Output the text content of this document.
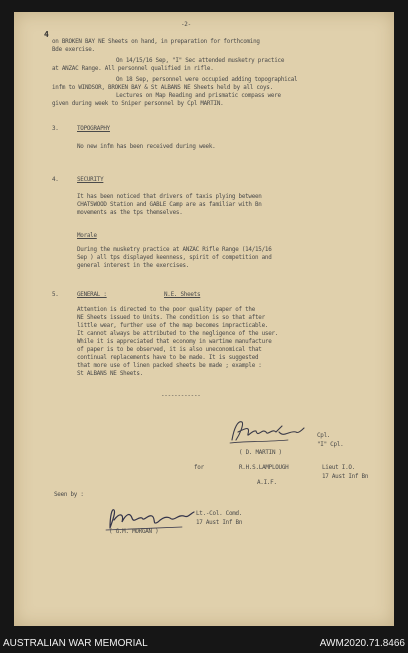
-2-
4
on BROKEN BAY NE Sheets on hand, in preparation for forthcoming
Bde exercise.
On 14/15/16 Sep, "I" Sec attended musketry practice
at ANZAC Range. All personnel qualified in rifle.
On 18 Sep, personnel were occupied adding topographical
infm to WINDSOR, BROKEN BAY & St ALBANS NE Sheets held by all coys.
Lectures on Map Reading and prismatic compass were
given during week to Sniper personnel by Cpl MARTIN.
3.	TOPOGRAPHY
No new infm has been received during week.
4.	SECURITY
It has been noticed that drivers of taxis plying between
CHATSWOOD Station and GABLE Camp are as familiar with Bn
movements as the tps themselves.
Morale
During the musketry practice at ANZAC Rifle Range (14/15/16
Sep ) all tps displayed keenness, spirit of competition and
general interest in the exercises.
5.	GENERAL :	N.E. Sheets
Attention is directed to the poor quality paper of the
NE Sheets issued to Units. The condition is so that after
little wear, further use of the map becomes impracticable.
It cannot always be attributed to the negligence of the user.
While it is appreciated that economy in wartime manufacture
of paper is to be observed, it is also uneconomical that
continual replacements have to be made. It is suggested
that more use of linen packed sheets be made ; example :
St ALBANS NE Sheets.
------------
Cpl.
"I" Cpl.
( D. MARTIN )
for	R.H.S.LAMPLOUGH	Lieut I.O.
17 Aust Inf Bn
A.I.F.
Seen by :
( G.M. MORGAN )
Lt.-Col. Comd.
17 Aust Inf Bn
AUSTRALIAN WAR MEMORIAL	AWM2020.71.8466
